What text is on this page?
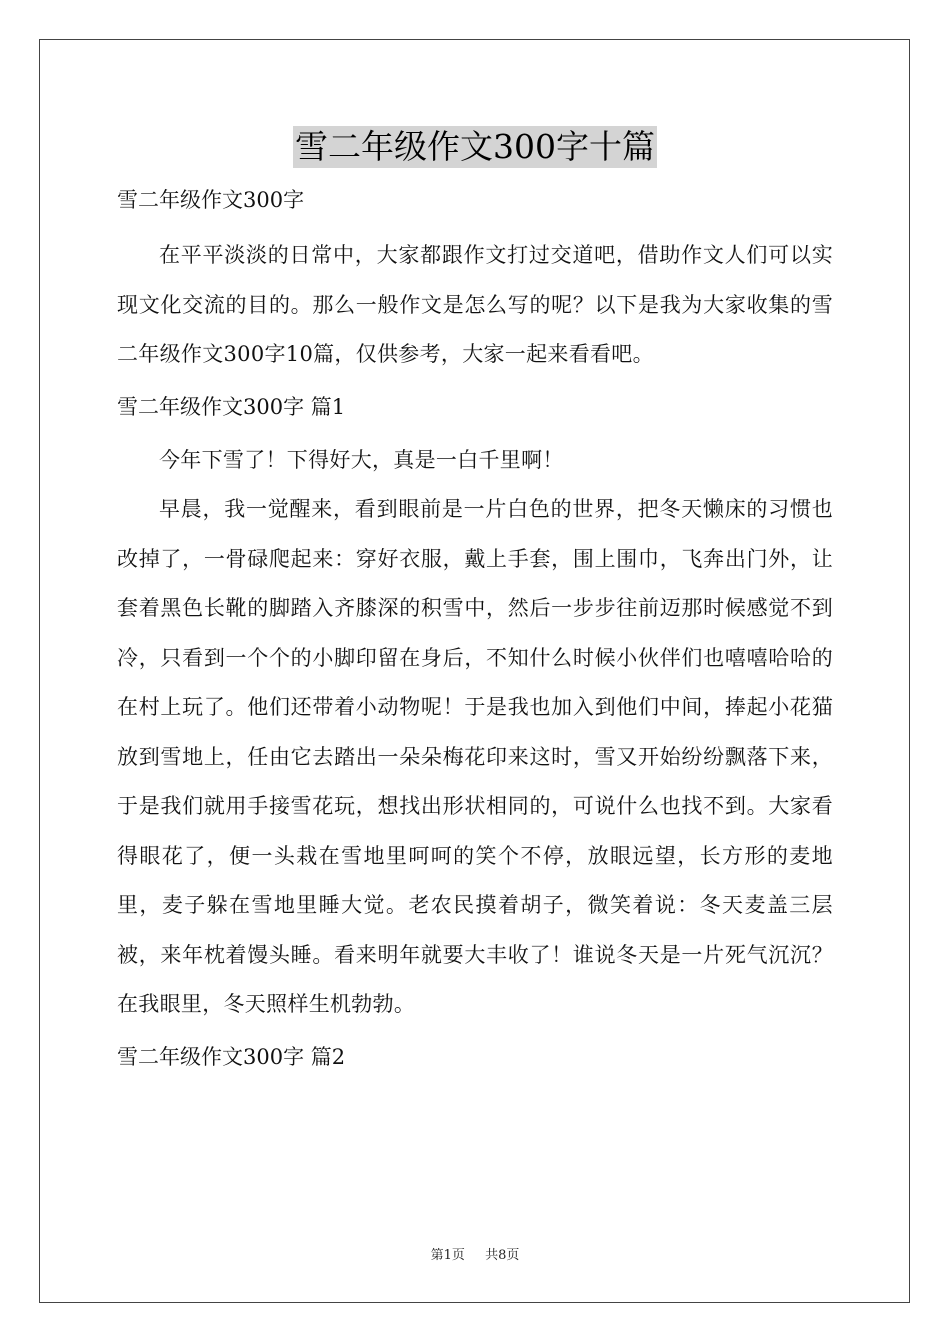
雪二年级作文300字十篇

雪二年级作文300字

在平平淡淡的日常中，大家都跟作文打过交道吧，借助作文人们可以实现文化交流的目的。那么一般作文是怎么写的呢？以下是我为大家收集的雪二年级作文300字10篇，仅供参考，大家一起来看看吧。

雪二年级作文300字 篇1

今年下雪了！下得好大，真是一白千里啊！

早晨，我一觉醒来，看到眼前是一片白色的世界，把冬天懒床的习惯也改掉了，一骨碌爬起来：穿好衣服，戴上手套，围上围巾，飞奔出门外，让套着黑色长靴的脚踏入齐膝深的积雪中，然后一步步往前迈那时候感觉不到冷，只看到一个个的小脚印留在身后，不知什么时候小伙伴们也嘻嘻哈哈的在村上玩了。他们还带着小动物呢！于是我也加入到他们中间，捧起小花猫放到雪地上，任由它去踏出一朵朵梅花印来这时，雪又开始纷纷飘落下来，于是我们就用手接雪花玩，想找出形状相同的，可说什么也找不到。大家看得眼花了，便一头栽在雪地里呵呵的笑个不停，放眼远望，长方形的麦地里，麦子躲在雪地里睡大觉。老农民摸着胡子，微笑着说：冬天麦盖三层被，来年枕着馒头睡。看来明年就要大丰收了！谁说冬天是一片死气沉沉？在我眼里，冬天照样生机勃勃。

雪二年级作文300字 篇2

第1页 共8页
